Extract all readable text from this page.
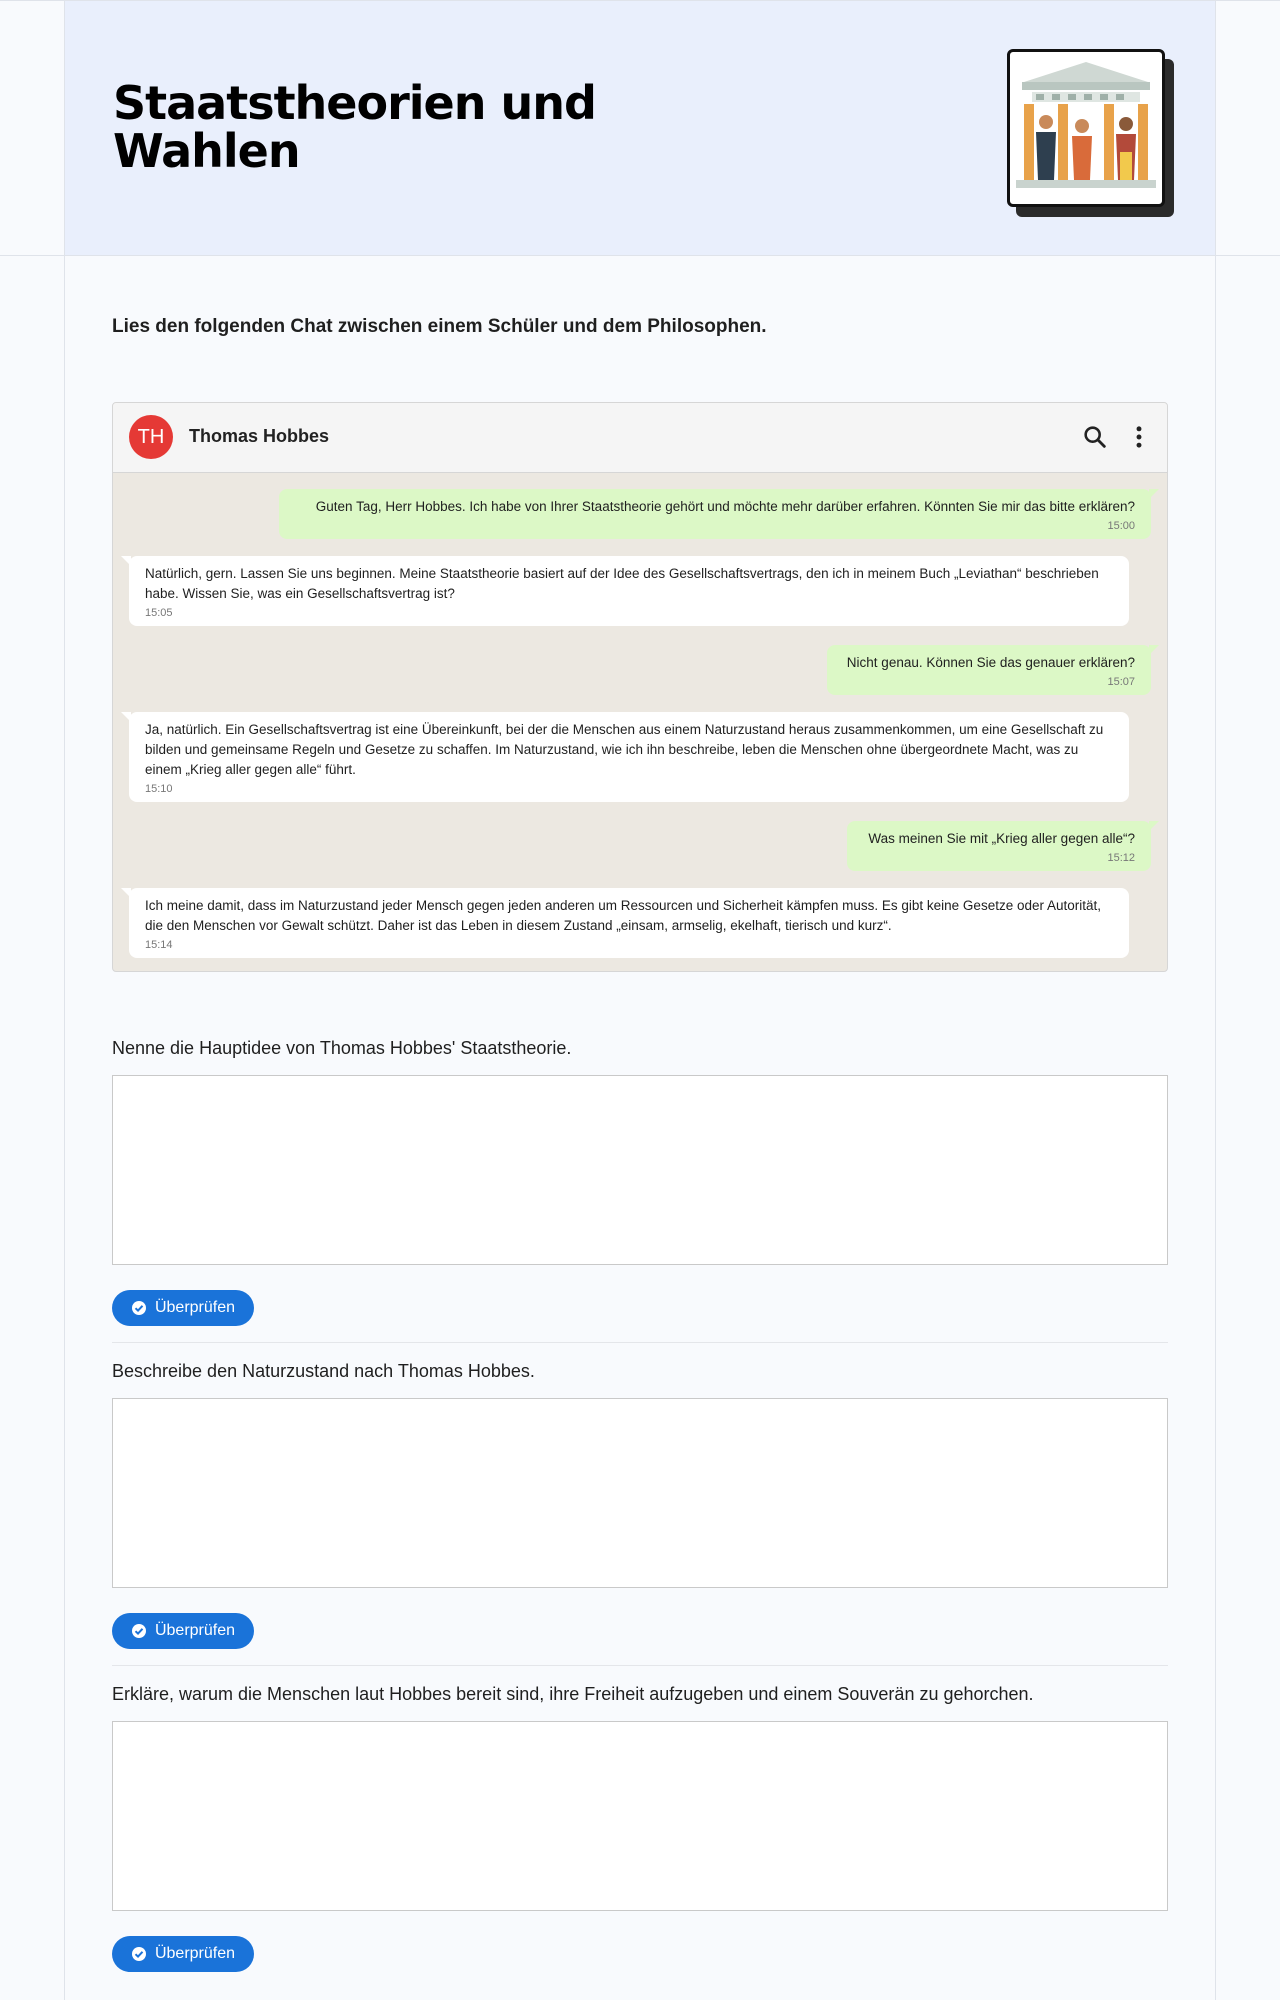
Staatstheorien und Wahlen

Lies den folgenden Chat zwischen einem Schüler und dem Philosophen.

TH	Thomas Hobbes
Guten Tag, Herr Hobbes. Ich habe von Ihrer Staatstheorie gehört und möchte mehr darüber erfahren. Könnten Sie mir das bitte erklären?
15:00
Natürlich, gern. Lassen Sie uns beginnen. Meine Staatstheorie basiert auf der Idee des Gesellschaftsvertrags, den ich in meinem Buch „Leviathan“ beschrieben habe. Wissen Sie, was ein Gesellschaftsvertrag ist?
15:05
Nicht genau. Können Sie das genauer erklären?
15:07
Ja, natürlich. Ein Gesellschaftsvertrag ist eine Übereinkunft, bei der die Menschen aus einem Naturzustand heraus zusammenkommen, um eine Gesellschaft zu bilden und gemeinsame Regeln und Gesetze zu schaffen. Im Naturzustand, wie ich ihn beschreibe, leben die Menschen ohne übergeordnete Macht, was zu einem „Krieg aller gegen alle“ führt.
15:10
Was meinen Sie mit „Krieg aller gegen alle“?
15:12
Ich meine damit, dass im Naturzustand jeder Mensch gegen jeden anderen um Ressourcen und Sicherheit kämpfen muss. Es gibt keine Gesetze oder Autorität, die den Menschen vor Gewalt schützt. Daher ist das Leben in diesem Zustand „einsam, armselig, ekelhaft, tierisch und kurz“.
15:14

Nenne die Hauptidee von Thomas Hobbes' Staatstheorie.

Überprüfen

Beschreibe den Naturzustand nach Thomas Hobbes.

Überprüfen

Erkläre, warum die Menschen laut Hobbes bereit sind, ihre Freiheit aufzugeben und einem Souverän zu gehorchen.

Überprüfen
